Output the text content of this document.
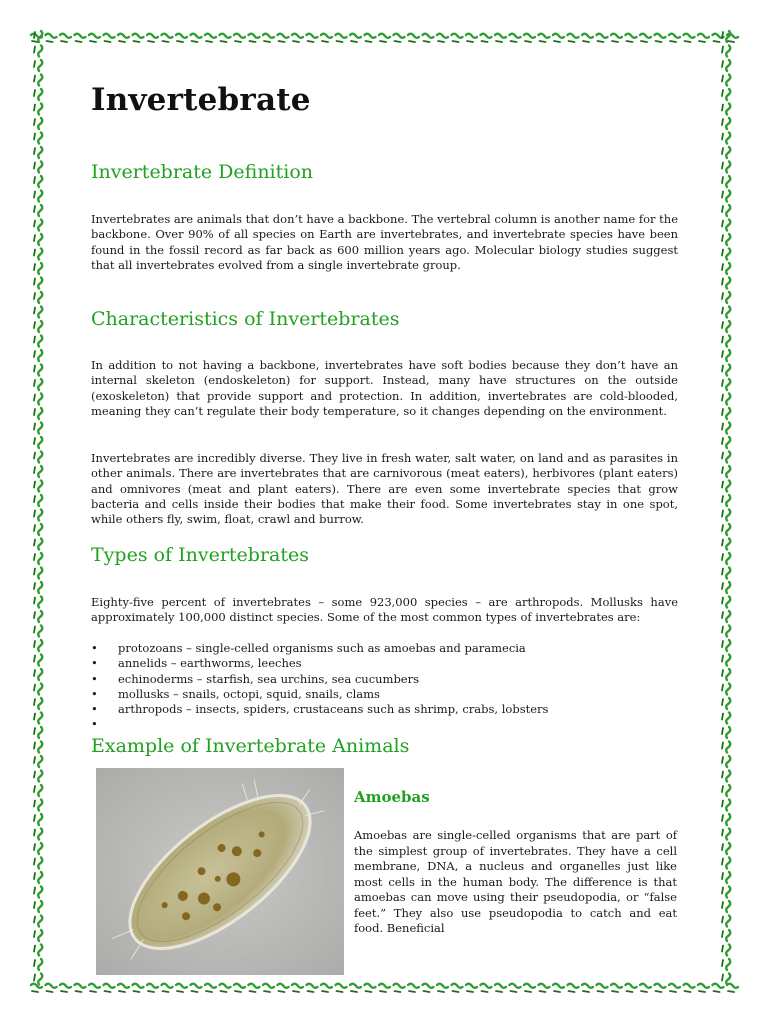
Invertebrate
Invertebrate Definition

Invertebrates are animals that don’t have a backbone. The vertebral column is another name for the backbone. Over 90% of all species on Earth are invertebrates, and invertebrate species have been found in the fossil record as far back as 600 million years ago. Molecular biology studies suggest that all invertebrates evolved from a single invertebrate group.

Characteristics of Invertebrates

In addition to not having a backbone, invertebrates have soft bodies because they don’t have an internal skeleton (endoskeleton) for support. Instead, many have structures on the outside (exoskeleton) that provide support and protection. In addition, invertebrates are cold-blooded, meaning they can’t regulate their body temperature, so it changes depending on the environment.

Invertebrates are incredibly diverse. They live in fresh water, salt water, on land and as parasites in other animals. There are invertebrates that are carnivorous (meat eaters), herbivores (plant eaters) and omnivores (meat and plant eaters). There are even some invertebrate species that grow bacteria and cells inside their bodies that make their food. Some invertebrates stay in one spot, while others fly, swim, float, crawl and burrow.

Types of Invertebrates

Eighty-five percent of invertebrates – some 923,000 species – are arthropods. Mollusks have approximately 100,000 distinct species. Some of the most common types of invertebrates are:

• protozoans – single-celled organisms such as amoebas and paramecia
• annelids – earthworms, leeches
• echinoderms – starfish, sea urchins, sea cucumbers
• mollusks – snails, octopi, squid, snails, clams
• arthropods – insects, spiders, crustaceans such as shrimp, crabs, lobsters
•
Example of Invertebrate Animals
Amoebas

Amoebas are single-celled organisms that are part of the simplest group of invertebrates. They have a cell membrane, DNA, a nucleus and organelles just like most cells in the human body. The difference is that amoebas can move using their pseudopodia, or “false feet.” They also use pseudopodia to catch and eat food. Beneficial
